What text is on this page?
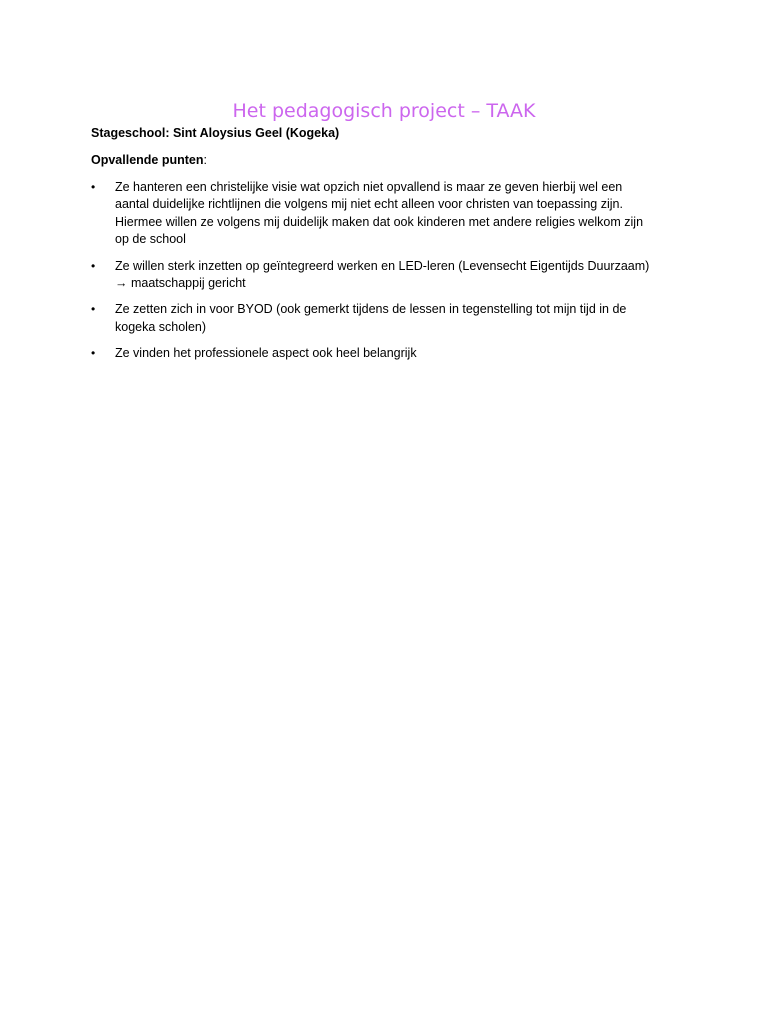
Het pedagogisch project – TAAK
Stageschool: Sint Aloysius Geel (Kogeka)
Opvallende punten:
•	Ze hanteren een christelijke visie wat opzich niet opvallend is maar ze geven hierbij wel een
aantal duidelijke richtlijnen die volgens mij niet echt alleen voor christen van toepassing zijn.
Hiermee willen ze volgens mij duidelijk maken dat ook kinderen met andere religies welkom zijn
op de school
•	Ze willen sterk inzetten op geïntegreerd werken en LED-leren (Levensecht Eigentijds Duurzaam)
→ maatschappij gericht
•	Ze zetten zich in voor BYOD (ook gemerkt tijdens de lessen in tegenstelling tot mijn tijd in de
kogeka scholen)
•	Ze vinden het professionele aspect ook heel belangrijk
